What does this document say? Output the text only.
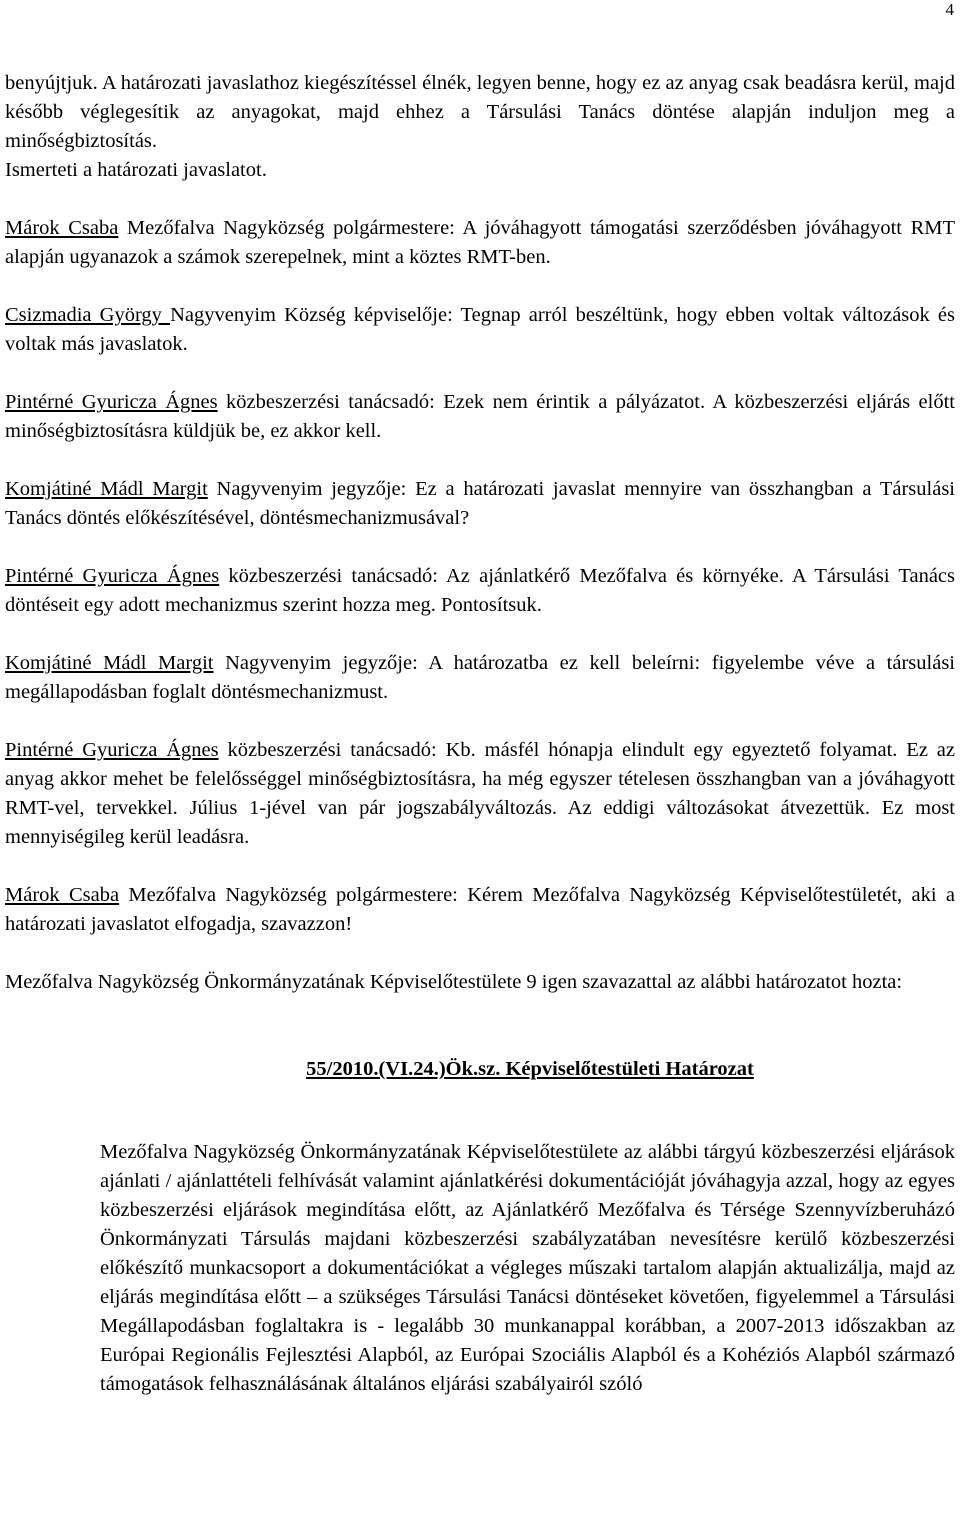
4

benyújtjuk. A határozati javaslathoz kiegészítéssel élnék, legyen benne, hogy ez az anyag csak beadásra kerül, majd később véglegesítik az anyagokat, majd ehhez a Társulási Tanács döntése alapján induljon meg a minőségbiztosítás.
Ismerteti a határozati javaslatot.

Márok Csaba Mezőfalva Nagyközség polgármestere: A jóváhagyott támogatási szerződésben jóváhagyott RMT alapján ugyanazok a számok szerepelnek, mint a köztes RMT-ben.

Csizmadia György Nagyvenyim Község képviselője: Tegnap arról beszéltünk, hogy ebben voltak változások és voltak más javaslatok.

Pintérné Gyuricza Ágnes közbeszerzési tanácsadó: Ezek nem érintik a pályázatot. A közbeszerzési eljárás előtt minőségbiztosításra küldjük be, ez akkor kell.

Komjátiné Mádl Margit Nagyvenyim jegyzője: Ez a határozati javaslat mennyire van összhangban a Társulási Tanács döntés előkészítésével, döntésmechanizmusával?

Pintérné Gyuricza Ágnes közbeszerzési tanácsadó: Az ajánlatkérő Mezőfalva és környéke. A Társulási Tanács döntéseit egy adott mechanizmus szerint hozza meg. Pontosítsuk.

Komjátiné Mádl Margit Nagyvenyim jegyzője: A határozatba ez kell beleírni: figyelembe véve a társulási megállapodásban foglalt döntésmechanizmust.

Pintérné Gyuricza Ágnes közbeszerzési tanácsadó: Kb. másfél hónapja elindult egy egyeztető folyamat. Ez az anyag akkor mehet be felelősséggel minőségbiztosításra, ha még egyszer tételesen összhangban van a jóváhagyott RMT-vel, tervekkel. Július 1-jével van pár jogszabályváltozás. Az eddigi változásokat átvezettük. Ez most mennyiségileg kerül leadásra.

Márok Csaba Mezőfalva Nagyközség polgármestere: Kérem Mezőfalva Nagyközség Képviselőtestületét, aki a határozati javaslatot elfogadja, szavazzon!

Mezőfalva Nagyközség Önkormányzatának Képviselőtestülete 9 igen szavazattal az alábbi határozatot hozta:

55/2010.(VI.24.)Ök.sz. Képviselőtestületi Határozat

Mezőfalva Nagyközség Önkormányzatának Képviselőtestülete az alábbi tárgyú közbeszerzési eljárások ajánlati / ajánlattételi felhívását valamint ajánlatkérési dokumentációját jóváhagyja azzal, hogy az egyes közbeszerzési eljárások megindítása előtt, az Ajánlatkérő Mezőfalva és Térsége Szennyvízberuházó Önkormányzati Társulás majdani közbeszerzési szabályzatában nevesítésre kerülő közbeszerzési előkészítő munkacsoport a dokumentációkat a végleges műszaki tartalom alapján aktualizálja, majd az eljárás megindítása előtt – a szükséges Társulási Tanácsi döntéseket követően, figyelemmel a Társulási Megállapodásban foglaltakra is - legalább 30 munkanappal korábban, a 2007-2013 időszakban az Európai Regionális Fejlesztési Alapból, az Európai Szociális Alapból és a Kohéziós Alapból származó támogatások felhasználásának általános eljárási szabályairól szóló
